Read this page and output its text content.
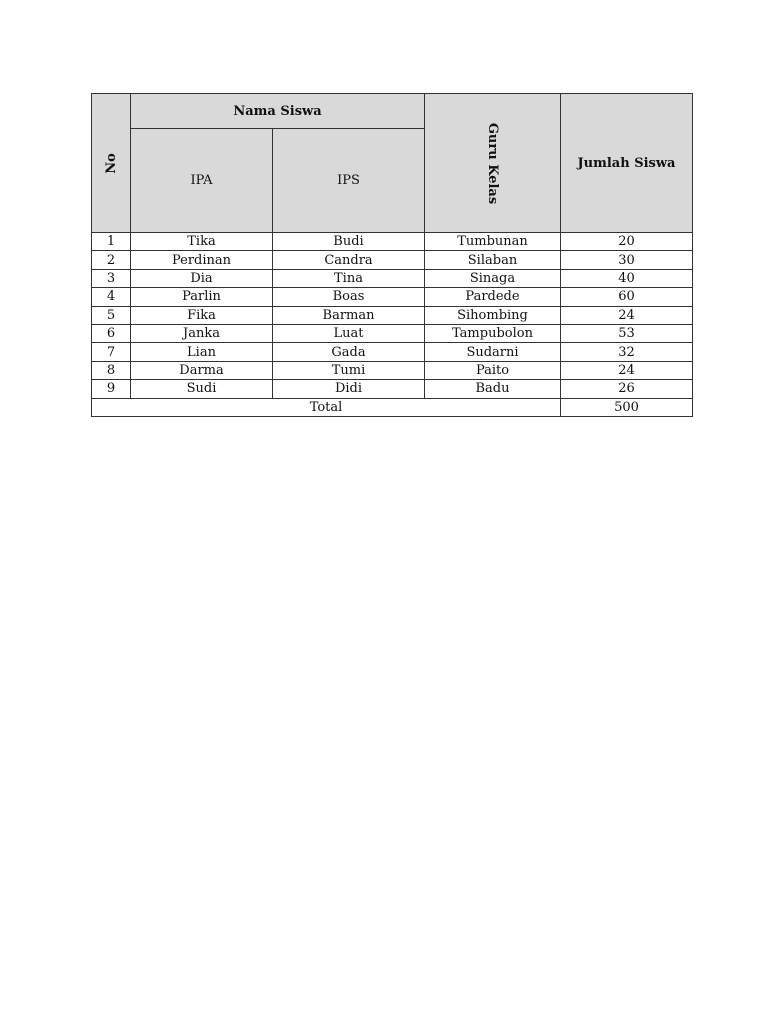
No	Nama Siswa		Guru Kelas	Jumlah Siswa
	IPA	IPS		
1	Tika	Budi	Tumbunan	20
2	Perdinan	Candra	Silaban	30
3	Dia	Tina	Sinaga	40
4	Parlin	Boas	Pardede	60
5	Fika	Barman	Sihombing	24
6	Janka	Luat	Tampubolon	53
7	Lian	Gada	Sudarni	32
8	Darma	Tumi	Paito	24
9	Sudi	Didi	Badu	26
Total				500
